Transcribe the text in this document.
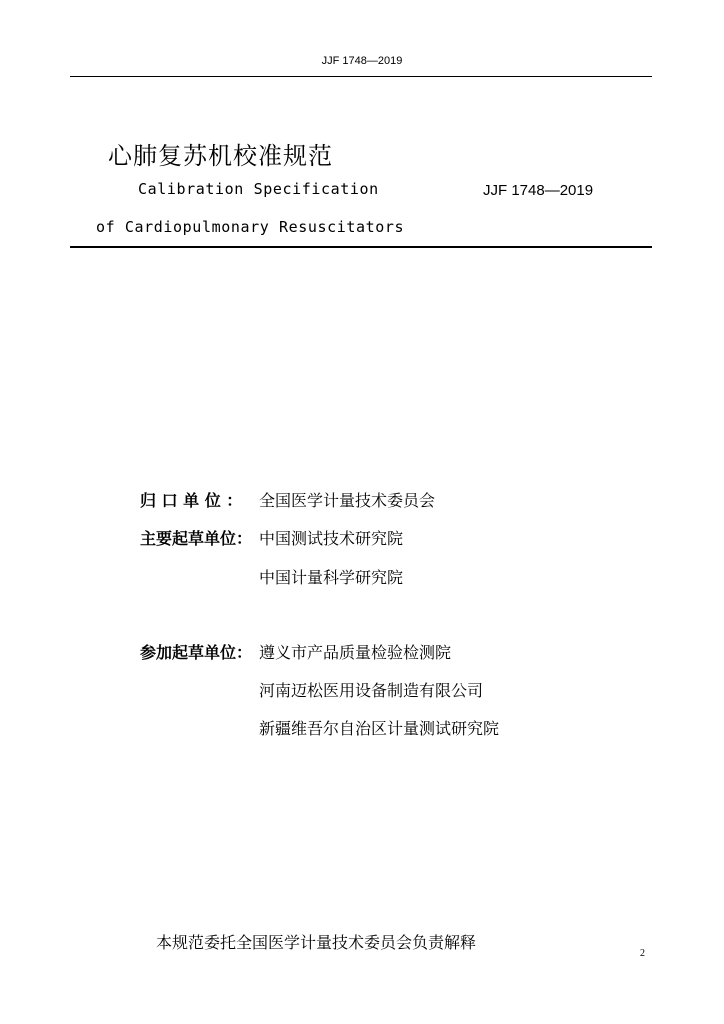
JJF 1748—2019
心肺复苏机校准规范
Calibration Specification	JJF 1748—2019
of Cardiopulmonary Resuscitators
归 口 单 位 ： 全国医学计量技术委员会
主要起草单位： 中国测试技术研究院
中国计量科学研究院
参加起草单位： 遵义市产品质量检验检测院
河南迈松医用设备制造有限公司
新疆维吾尔自治区计量测试研究院
本规范委托全国医学计量技术委员会负责解释
2
